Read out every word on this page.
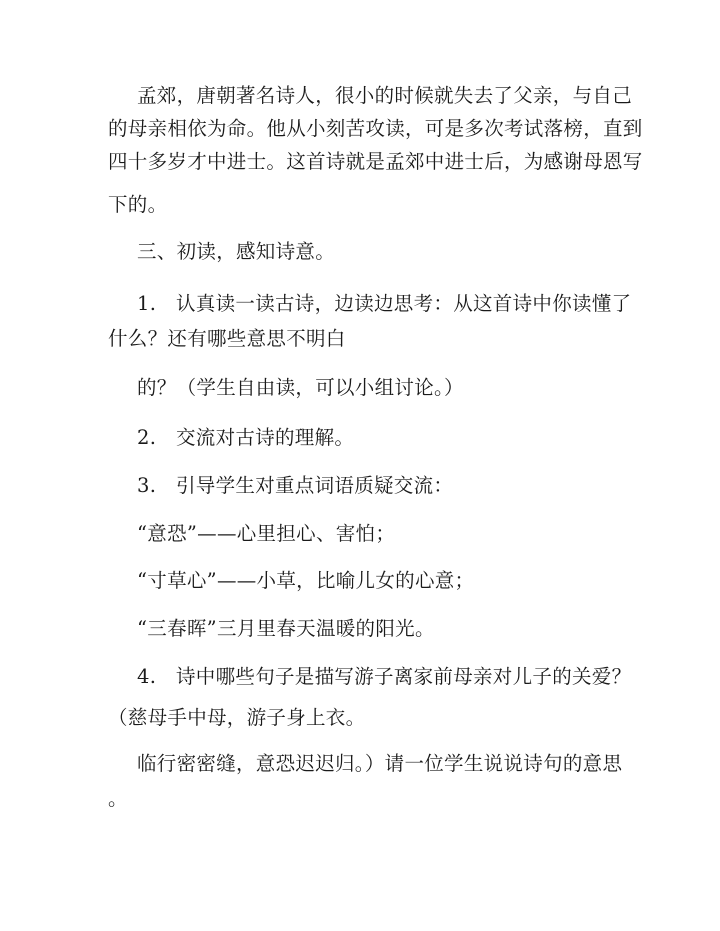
孟郊，唐朝著名诗人，很小的时候就失去了父亲，与自己

的母亲相依为命。他从小刻苦攻读，可是多次考试落榜，直到

四十多岁才中进士。这首诗就是孟郊中进士后，为感谢母恩写

下的。

三、初读，感知诗意。

1.　认真读一读古诗，边读边思考：从这首诗中你读懂了

什么？还有哪些意思不明白

的？（学生自由读，可以小组讨论。）

2.　交流对古诗的理解。

3.　引导学生对重点词语质疑交流：

“意恐”——心里担心、害怕；

“寸草心”——小草，比喻儿女的心意；

“三春晖”三月里春天温暖的阳光。

4.　诗中哪些句子是描写游子离家前母亲对儿子的关爱？

（慈母手中母，游子身上衣。

临行密密缝，意恐迟迟归。）请一位学生说说诗句的意思

。
